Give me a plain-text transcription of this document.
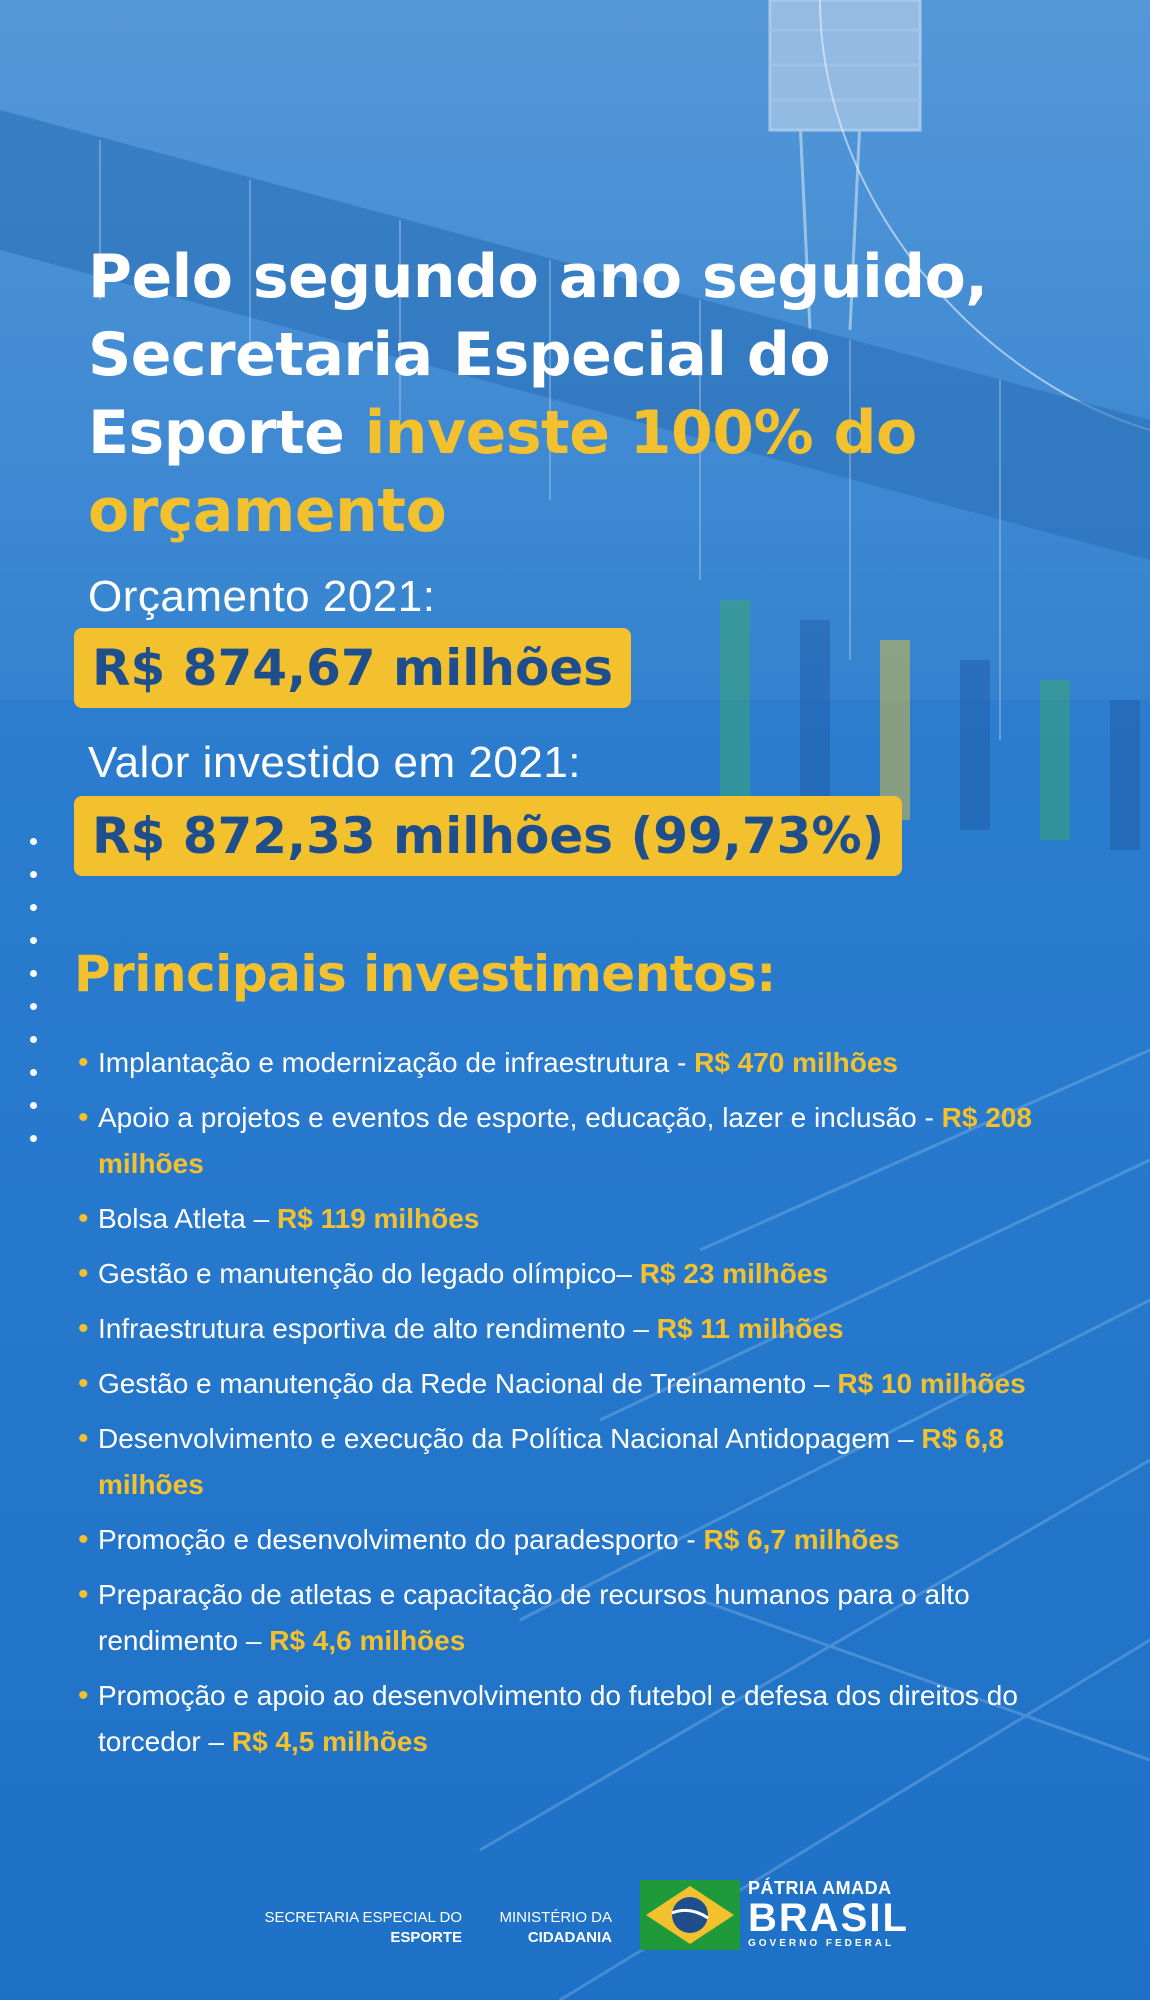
Pelo segundo ano seguido,
Secretaria Especial do
Esporte investe 100% do
orçamento
Orçamento 2021:
R$ 874,67 milhões
Valor investido em 2021:
R$ 872,33 milhões (99,73%)
Principais investimentos:
• Implantação e modernização de infraestrutura - R$ 470 milhões
• Apoio a projetos e eventos de esporte, educação, lazer e inclusão - R$ 208 milhões
• Bolsa Atleta – R$ 119 milhões
• Gestão e manutenção do legado olímpico– R$ 23 milhões
• Infraestrutura esportiva de alto rendimento – R$ 11 milhões
• Gestão e manutenção da Rede Nacional de Treinamento – R$ 10 milhões
• Desenvolvimento e execução da Política Nacional Antidopagem – R$ 6,8 milhões
• Promoção e desenvolvimento do paradesporto - R$ 6,7 milhões
• Preparação de atletas e capacitação de recursos humanos para o alto rendimento – R$ 4,6 milhões
• Promoção e apoio ao desenvolvimento do futebol e defesa dos direitos do torcedor – R$ 4,5 milhões
SECRETARIA ESPECIAL DO
ESPORTE
MINISTÉRIO DA
CIDADANIA
PÁTRIA AMADA
BRASIL
GOVERNO FEDERAL
